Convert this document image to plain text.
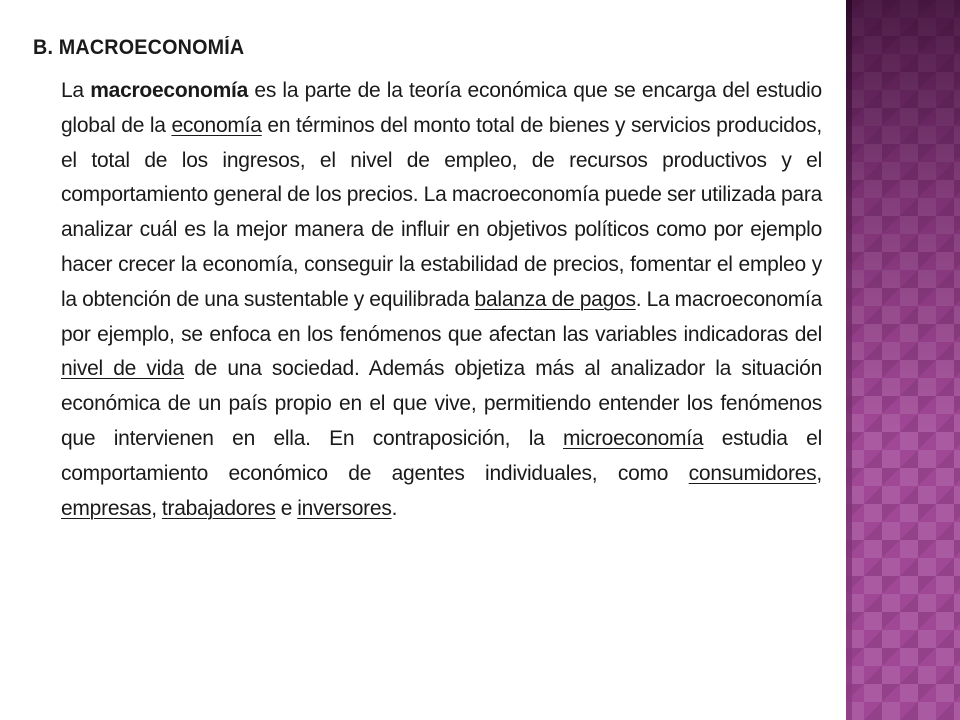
B. MACROECONOMÍA

La macroeconomía es la parte de la teoría económica que se encarga del estudio global de la economía en términos del monto total de bienes y servicios producidos, el total de los ingresos, el nivel de empleo, de recursos productivos y el comportamiento general de los precios. La macroeconomía puede ser utilizada para analizar cuál es la mejor manera de influir en objetivos políticos como por ejemplo hacer crecer la economía, conseguir la estabilidad de precios, fomentar el empleo y la obtención de una sustentable y equilibrada balanza de pagos. La macroeconomía por ejemplo, se enfoca en los fenómenos que afectan las variables indicadoras del nivel de vida de una sociedad. Además objetiza más al analizador la situación económica de un país propio en el que vive, permitiendo entender los fenómenos que intervienen en ella. En contraposición, la microeconomía estudia el comportamiento económico de agentes individuales, como consumidores, empresas, trabajadores e inversores.
